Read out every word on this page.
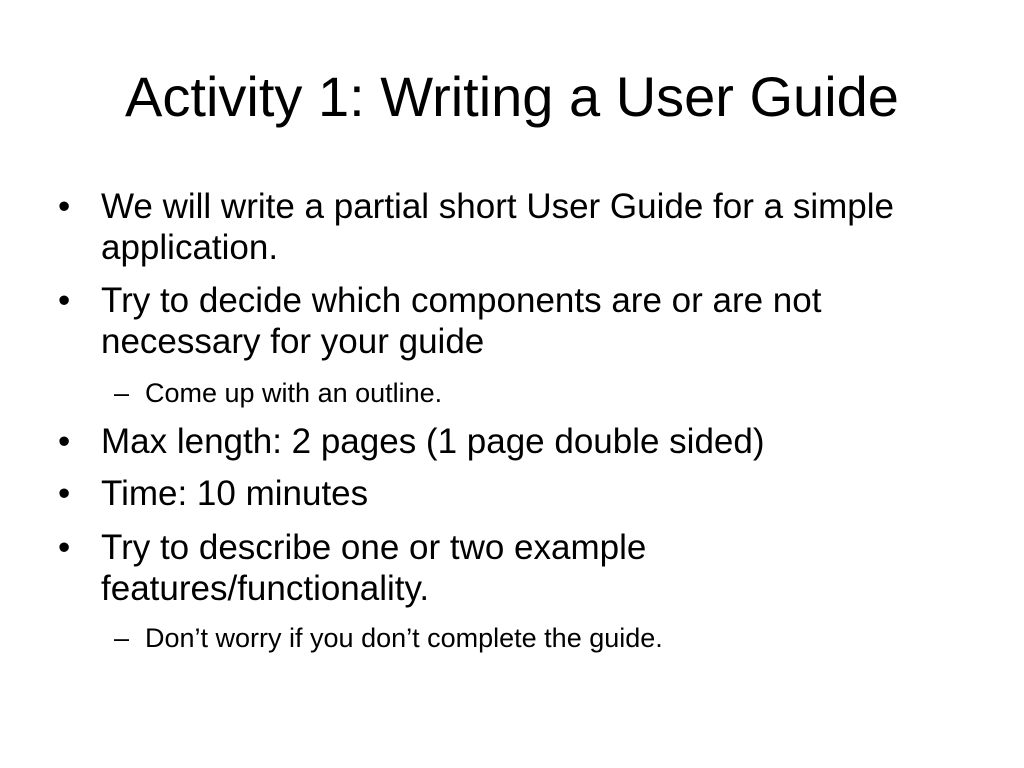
Activity 1: Writing a User Guide
• We will write a partial short User Guide for a simple application.
• Try to decide which components are or are not necessary for your guide
– Come up with an outline.
• Max length: 2 pages (1 page double sided)
• Time: 10 minutes
• Try to describe one or two example features/functionality.
– Don’t worry if you don’t complete the guide.
